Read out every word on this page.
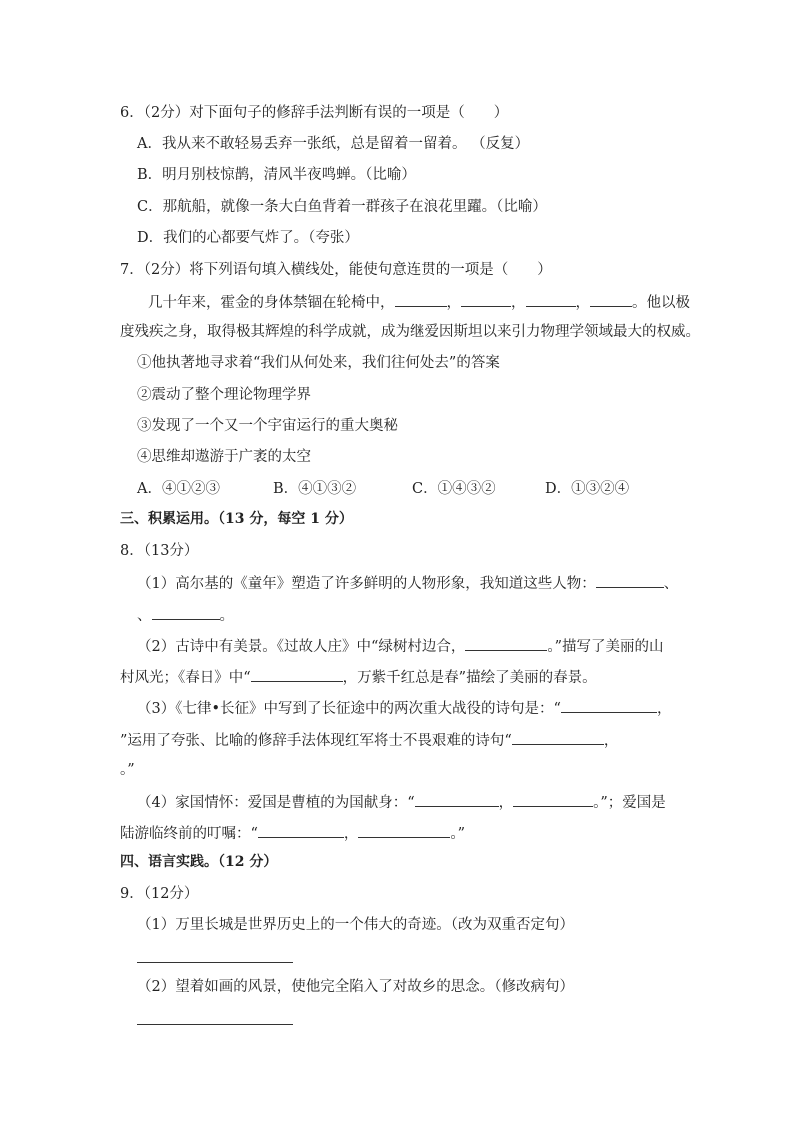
6．（2分）对下面句子的修辞手法判断有误的一项是（　　）
A．我从来不敢轻易丢弃一张纸，总是留着一留着。 （反复）
B．明月别枝惊鹊，清风半夜鸣蝉。（比喻）
C．那航船，就像一条大白鱼背着一群孩子在浪花里躍。（比喻）
D．我们的心都要气炸了。（夸张）
7．（2分）将下列语句填入横线处，能使句意连贯的一项是（　　）
几十年来，霍金的身体禁锢在轮椅中，	，	，	，	。他以极
度残疾之身，取得极其辉煌的科学成就，成为继爱因斯坦以来引力物理学领域最大的权威。
①他执著地寻求着“我们从何处来，我们往何处去”的答案
②震动了整个理论物理学界
③发现了一个又一个宇宙运行的重大奥秘
④思维却遨游于广袤的太空
A．④①②③	B．④①③②	C．①④③②	D．①③②④
三、积累运用。（13 分，每空 1 分）
8．（13分）
（1）高尔基的《童年》塑造了许多鲜明的人物形象，我知道这些人物：	、
、	。
（2）古诗中有美景。《过故人庄》中“绿树村边合，	。”描写了美丽的山
村风光；《春日》中“	，万紫千红总是春”描绘了美丽的春景。
（3）《七律•长征》中写到了长征途中的两次重大战役的诗句是：“	，
”运用了夸张、比喻的修辞手法体现红军将士不畏艰难的诗句“	，
。”
（4）家国情怀：爱国是曹植的为国献身：“	，	。”；爱国是
陆游临终前的叮嘱：“	，	。”
四、语言实践。（12 分）
9．（12分）
（1）万里长城是世界历史上的一个伟大的奇迹。（改为双重否定句）
（2）望着如画的风景，使他完全陷入了对故乡的思念。（修改病句）
